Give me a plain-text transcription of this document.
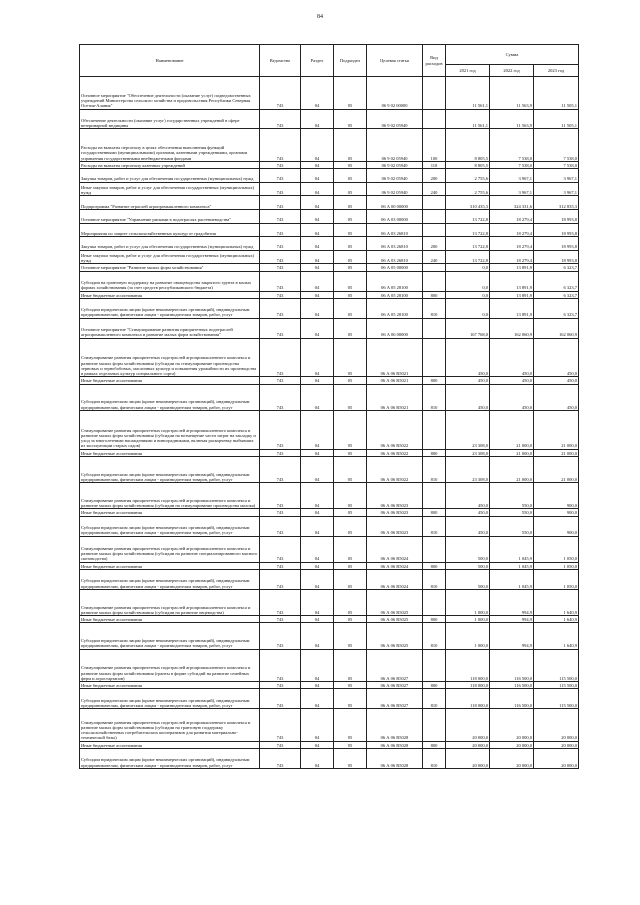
84
Наименование	Ведомство	Раздел	Подраздел	Целевая статья	Вид расходов	Сумма		
						2021 год	2022 год	2023 год
Основное мероприятие "Обеспечение деятельности (оказание услуг) подведомственных учреждений Министерства сельского хозяйства и продовольствия Республики Северная Осетия-Алания"	743	04	05	06 9 02 00000		11 561,1	11 563,9	11 505,1
Обеспечение деятельности (оказание услуг) государственных учреждений в сфере ветеринарной медицины	743	04	05	06 9 02 05940		11 561,1	11 563,9	11 505,1
Расходы на выплаты персоналу в целях обеспечения выполнения функций государственными (муниципальными) органами, казенными учреждениями, органами управления государственными внебюджетными фондами	743	04	05	06 9 02 05940	100	8 805,5	7 538,0	7 538,0
Расходы на выплаты персоналу казенных учреждений	743	04	05	06 9 02 05940	110	8 805,5	7 538,0	7 538,0
Закупка товаров, работ и услуг для обеспечения государственных (муниципальных) нужд	743	04	05	06 9 02 05940	200	2 755,6	3 967,1	3 967,1
Иные закупки товаров, работ и услуг для обеспечения государственных (муниципальных) нужд	743	04	05	06 9 02 05940	240	2 755,6	3 967,1	3 967,1
Подпрограмма "Развитие отраслей агропромышленного комплекса"	743	04	05	06 А 00 00000		310 435,3	324 331,6	312 835,3
Основное мероприятие "Управление рисками в подотраслях растениеводства"	743	04	05	06 А 03 00000		13 722,8	18 279,4	18 993,8
Мероприятия по защите сельскохозяйственных культур от градобития	743	04	05	06 А 03 26810		13 722,8	18 279,4	18 993,8
Закупка товаров, работ и услуг для обеспечения государственных (муниципальных) нужд	743	04	05	06 А 03 26810	200	13 722,8	18 279,4	18 993,8
Иные закупки товаров, работ и услуг для обеспечения государственных (муниципальных) нужд	743	04	05	06 А 03 26810	240	13 722,8	18 279,4	18 993,8
Основное мероприятие "Развитие малых форм хозяйствования"	743	04	05	06 А 05 00000		0,0	13 891,9	6 323,7
Субсидии на грантовую поддержку на развитие овощеводства закрытого грунта в малых формах хозяйствования (за счет средств республиканского бюджета)	743	04	05	06 А 05 28100		0,0	13 891,9	6 323,7
Иные бюджетные ассигнования	743	04	05	06 А 05 28100	800	0,0	13 891,9	6 323,7
Субсидии юридическим лицам (кроме некоммерческих организаций), индивидуальным предпринимателям, физическим лицам - производителям товаров, работ, услуг	743	04	05	06 А 05 28100	810	0,0	13 891,9	6 323,7
Основное мероприятие "Стимулирование развития приоритетных подотраслей агропромышленного комплекса и развитие малых форм хозяйствования"	743	04	05	06 А 06 00000		167 768,0	162 060,9	162 060,9
Стимулирование развития приоритетных подотраслей агропромышленного комплекса и развитие малых форм хозяйствования (субсидии на стимулирование производства зерновых и зернобобовых, масличных культур и повышения урожайности их производства в рамках отдельных культур специального сорта)	743	04	05	06 А 06 R5021		450,0	450,0	450,0
Иные бюджетные ассигнования	743	04	05	06 А 06 R5021	800	450,0	450,0	450,0
Субсидии юридическим лицам (кроме некоммерческих организаций), индивидуальным предпринимателям, физическим лицам - производителям товаров, работ, услуг	743	04	05	06 А 06 R5021	810	450,0	450,0	450,0
Стимулирование развития приоритетных подотраслей агропромышленного комплекса и развитие малых форм хозяйствования (субсидии на возмещение части затрат на закладку и уход за многолетними насаждениями и виноградниками, включая раскорчевку выбывших из эксплуатации старых садов)	743	04	05	06 А 06 R5022		23 308,0	21 000,0	21 000,0
Иные бюджетные ассигнования	743	04	05	06 А 06 R5022	800	23 308,0	21 000,0	21 000,0
Субсидии юридическим лицам (кроме некоммерческих организаций), индивидуальным предпринимателям, физическим лицам - производителям товаров, работ, услуг	743	04	05	06 А 06 R5022	810	23 308,0	21 000,0	21 000,0
Стимулирование развития приоритетных подотраслей агропромышленного комплекса и развитие малых форм хозяйствования (субсидии на стимулирование производства молока)	743	04	05	06 А 06 R5023		450,0	550,0	900,0
Иные бюджетные ассигнования	743	04	05	06 А 06 R5023	800	450,0	550,0	900,0
Субсидии юридическим лицам (кроме некоммерческих организаций), индивидуальным предпринимателям, физическим лицам - производителям товаров, работ, услуг	743	04	05	06 А 06 R5023	810	450,0	550,0	900,0
Стимулирование развития приоритетных подотраслей агропромышленного комплекса и развитие малых форм хозяйствования (субсидии на развитие специализированного мясного скотоводства)	743	04	05	06 А 06 R5024		500,0	1 045,9	1 050,0
Иные бюджетные ассигнования	743	04	05	06 А 06 R5024	800	500,0	1 045,9	1 050,0
Субсидии юридическим лицам (кроме некоммерческих организаций), индивидуальным предпринимателям, физическим лицам - производителям товаров, работ, услуг	743	04	05	06 А 06 R5024	810	500,0	1 045,9	1 050,0
Стимулирование развития приоритетных подотраслей агропромышленного комплекса и развитие малых форм хозяйствования (субсидии на развитие овцеводства)	743	04	05	06 А 06 R5025		1 000,0	994,9	1 640,9
Иные бюджетные ассигнования	743	04	05	06 А 06 R5025	800	1 000,0	994,9	1 640,9
Субсидии юридическим лицам (кроме некоммерческих организаций), индивидуальным предпринимателям, физическим лицам - производителям товаров, работ, услуг	743	04	05	06 А 06 R5025	810	1 000,0	994,9	1 640,9
Стимулирование развития приоритетных подотраслей агропромышленного комплекса и развитие малых форм хозяйствования (гранты в форме субсидий на развитие семейных ферм и агростартапов)	743	04	05	06 А 06 R5027		118 000,0	116 500,0	115 500,0
Иные бюджетные ассигнования	743	04	05	06 А 06 R5027	800	118 000,0	116 500,0	115 500,0
Субсидии юридическим лицам (кроме некоммерческих организаций), индивидуальным предпринимателям, физическим лицам - производителям товаров, работ, услуг	743	04	05	06 А 06 R5027	810	118 000,0	116 500,0	115 500,0
Стимулирование развития приоритетных подотраслей агропромышленного комплекса и развитие малых форм хозяйствования (субсидии на грантовую поддержку сельскохозяйственных потребительских кооперативов для развития материально-технической базы)	743	04	05	06 А 06 R5028		20 000,0	20 000,0	20 000,0
Иные бюджетные ассигнования	743	04	05	06 А 06 R5028	800	20 000,0	20 000,0	20 000,0
Субсидии юридическим лицам (кроме некоммерческих организаций), индивидуальным предпринимателям, физическим лицам - производителям товаров, работ, услуг	743	04	05	06 А 06 R5028	810	20 000,0	20 000,0	20 000,0
